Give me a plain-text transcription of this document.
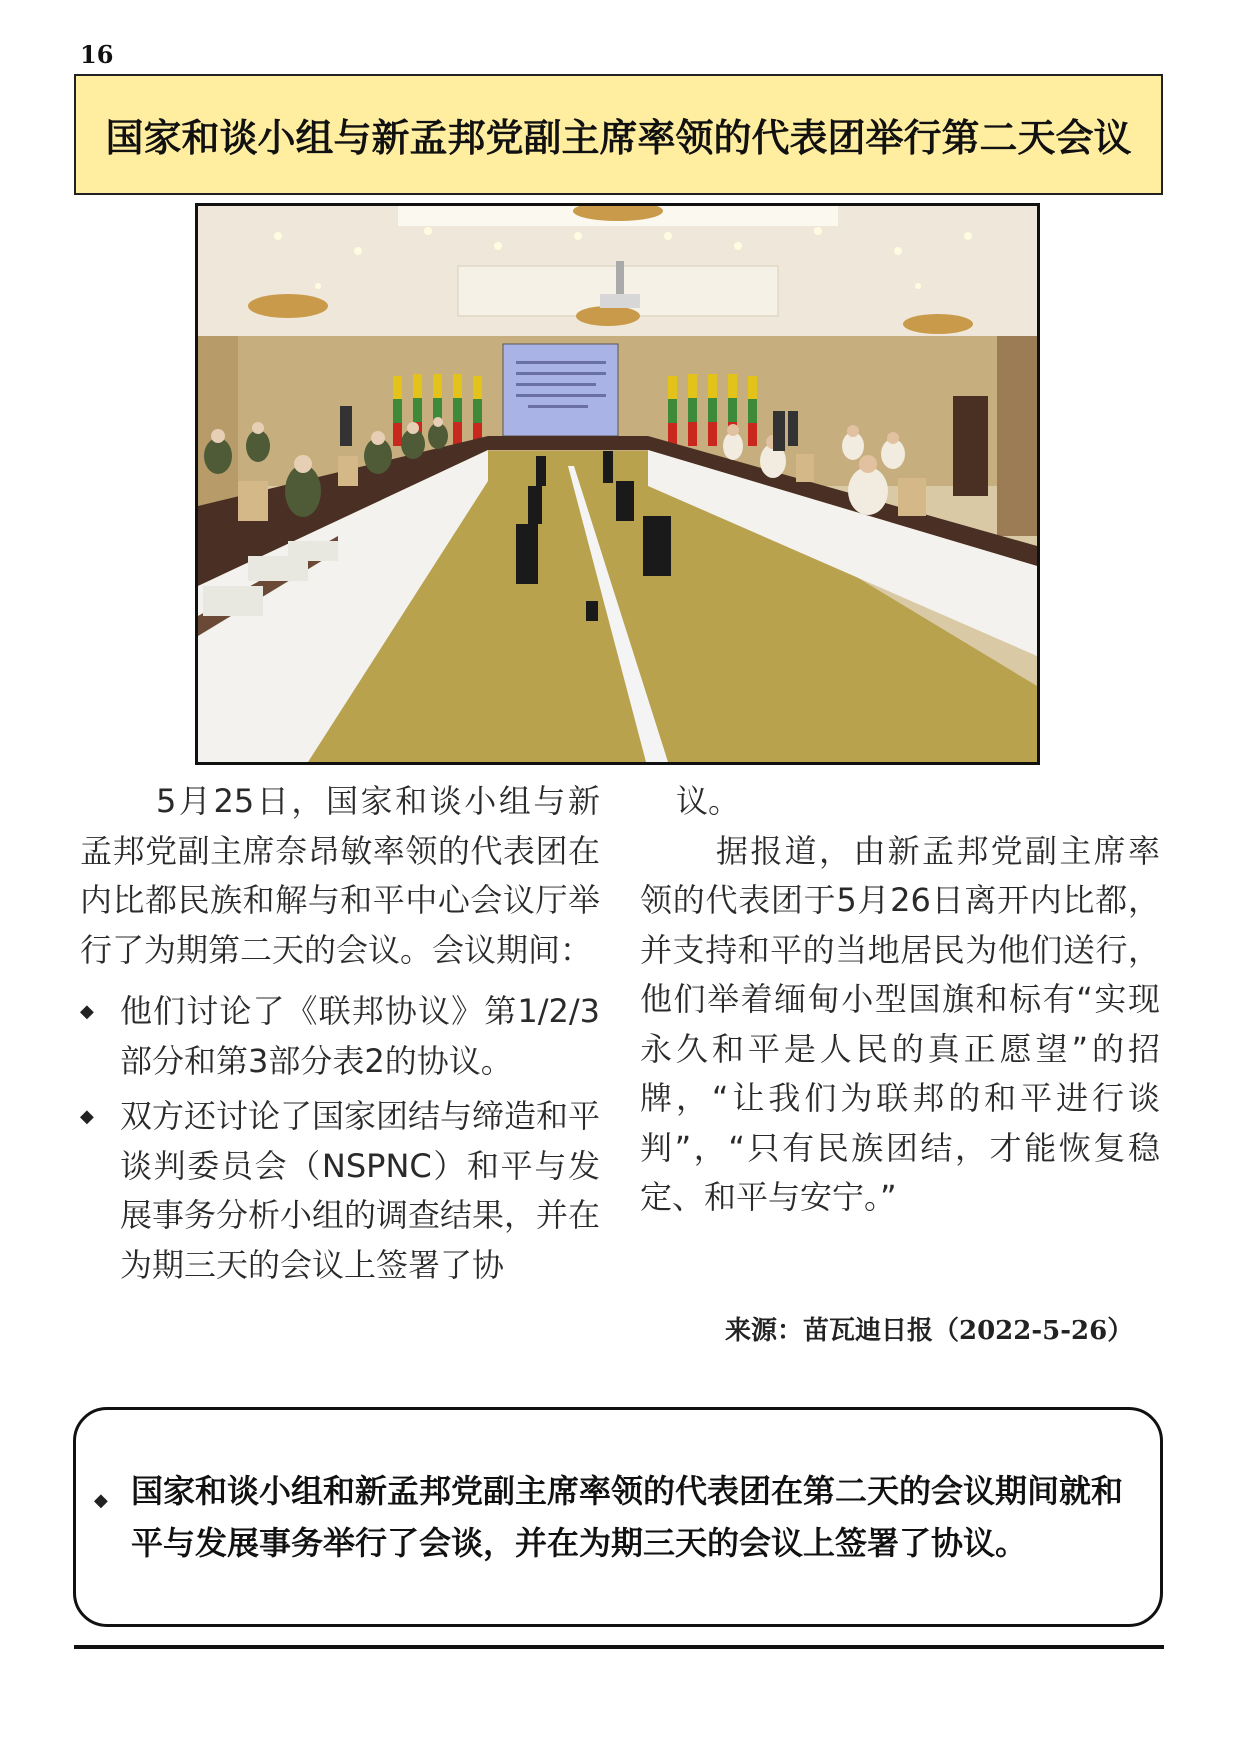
16
国家和谈小组与新孟邦党副主席率领的代表团举行第二天会议

5月25日，国家和谈小组与新孟邦党副主席奈昂敏率领的代表团在内比都民族和解与和平中心会议厅举行了为期第二天的会议。会议期间：

◆ 他们讨论了《联邦协议》第1/2/3部分和第3部分表2的协议。
◆ 双方还讨论了国家团结与缔造和平谈判委员会（NSPNC）和平与发展事务分析小组的调查结果，并在为期三天的会议上签署了协

议。

据报道，由新孟邦党副主席率领的代表团于5月26日离开内比都，并支持和平的当地居民为他们送行，他们举着缅甸小型国旗和标有“实现永久和平是人民的真正愿望”的招牌，“让我们为联邦的和平进行谈判”，“只有民族团结，才能恢复稳定、和平与安宁。”

来源：苗瓦迪日报（2022-5-26）
◆ 国家和谈小组和新孟邦党副主席率领的代表团在第二天的会议期间就和平与发展事务举行了会谈，并在为期三天的会议上签署了协议。
